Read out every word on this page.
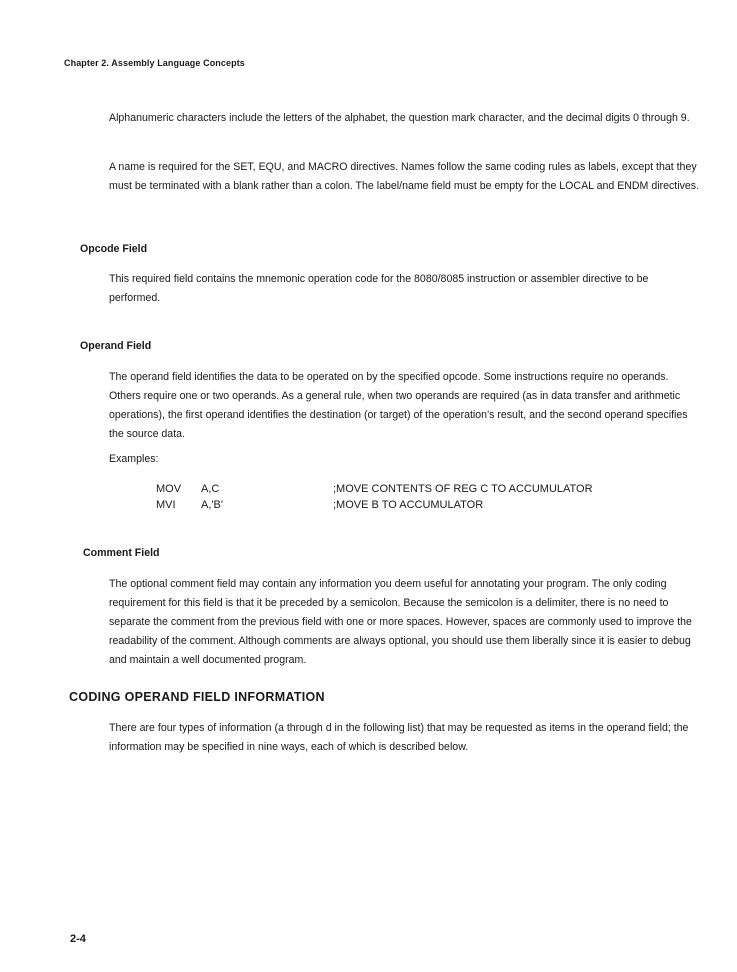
Chapter 2. Assembly Language Concepts

Alphanumeric characters include the letters of the alphabet, the question mark character, and the decimal digits 0 through 9.

A name is required for the SET, EQU, and MACRO directives. Names follow the same coding rules as labels, except that they must be terminated with a blank rather than a colon. The label/name field must be empty for the LOCAL and ENDM directives.

Opcode Field

This required field contains the mnemonic operation code for the 8080/8085 instruction or assembler directive to be performed.

Operand Field

The operand field identifies the data to be operated on by the specified opcode. Some instructions require no operands. Others require one or two operands. As a general rule, when two operands are required (as in data transfer and arithmetic operations), the first operand identifies the destination (or target) of the operation's result, and the second operand specifies the source data.

Examples:
MOV A,C	;MOVE CONTENTS OF REG C TO ACCUMULATOR
MVI A,'B'	;MOVE B TO ACCUMULATOR
Comment Field

The optional comment field may contain any information you deem useful for annotating your program. The only coding requirement for this field is that it be preceded by a semicolon. Because the semicolon is a delimiter, there is no need to separate the comment from the previous field with one or more spaces. However, spaces are commonly used to improve the readability of the comment. Although comments are always optional, you should use them liberally since it is easier to debug and maintain a well documented program.

CODING OPERAND FIELD INFORMATION

There are four types of information (a through d in the following list) that may be requested as items in the operand field; the information may be specified in nine ways, each of which is described below.

2-4
